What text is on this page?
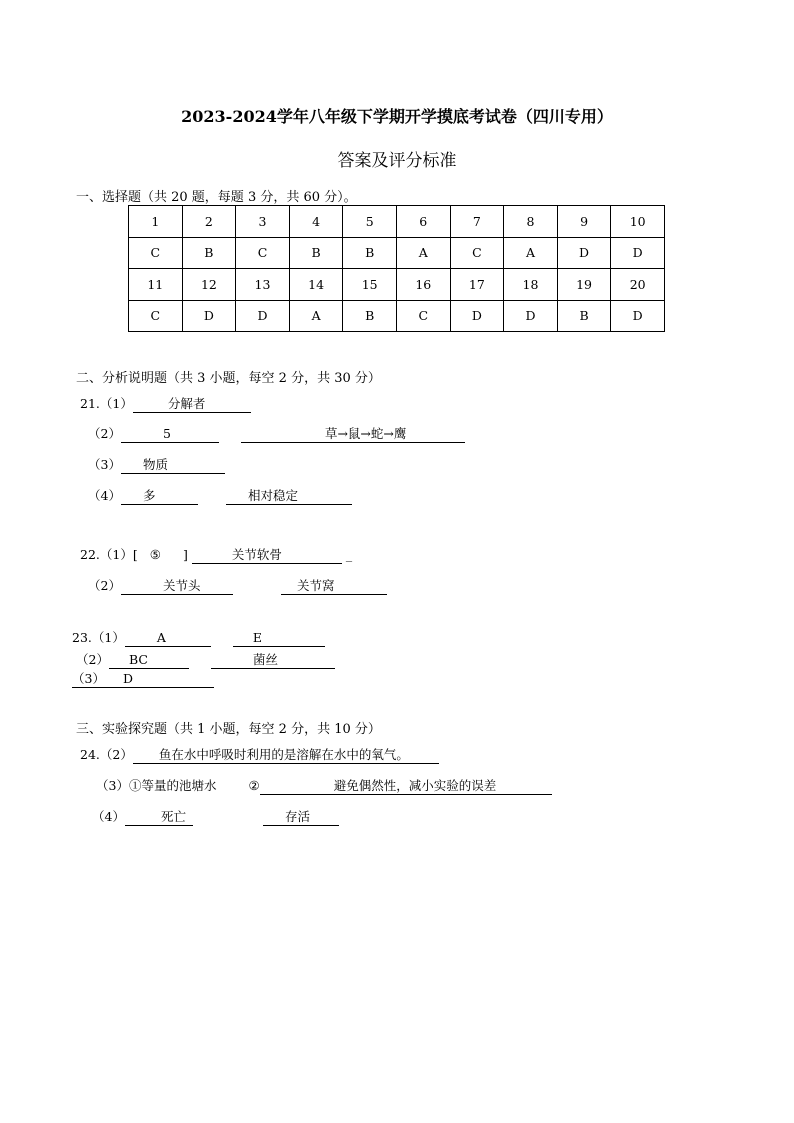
2023-2024学年八年级下学期开学摸底考试卷（四川专用）
答案及评分标准
一、选择题（共 20 题，每题 3 分，共 60 分）。
1	2	3	4	5	6	7	8	9	10
C	B	C	B	B	A	C	A	D	D
11	12	13	14	15	16	17	18	19	20
C	D	D	A	B	C	D	D	B	D
二、分析说明题（共 3 小题，每空 2 分，共 30 分）
21.（1）	分解者
（2）	5	草→鼠→蛇→鹰
（3） 物质
（4） 多	相对稳定
22.（1）[ ⑤ ]	关节软骨	_
（2）	关节头	关节窝
23.（1）	A	E
（2） BC	菌丝
（3） D
三、实验探究题（共 1 小题，每空 2 分，共 10 分）
24.（2） 鱼在水中呼吸时利用的是溶解在水中的氧气。
（3）①等量的池塘水	②	避免偶然性，减小实验的误差
（4）	死亡	存活
